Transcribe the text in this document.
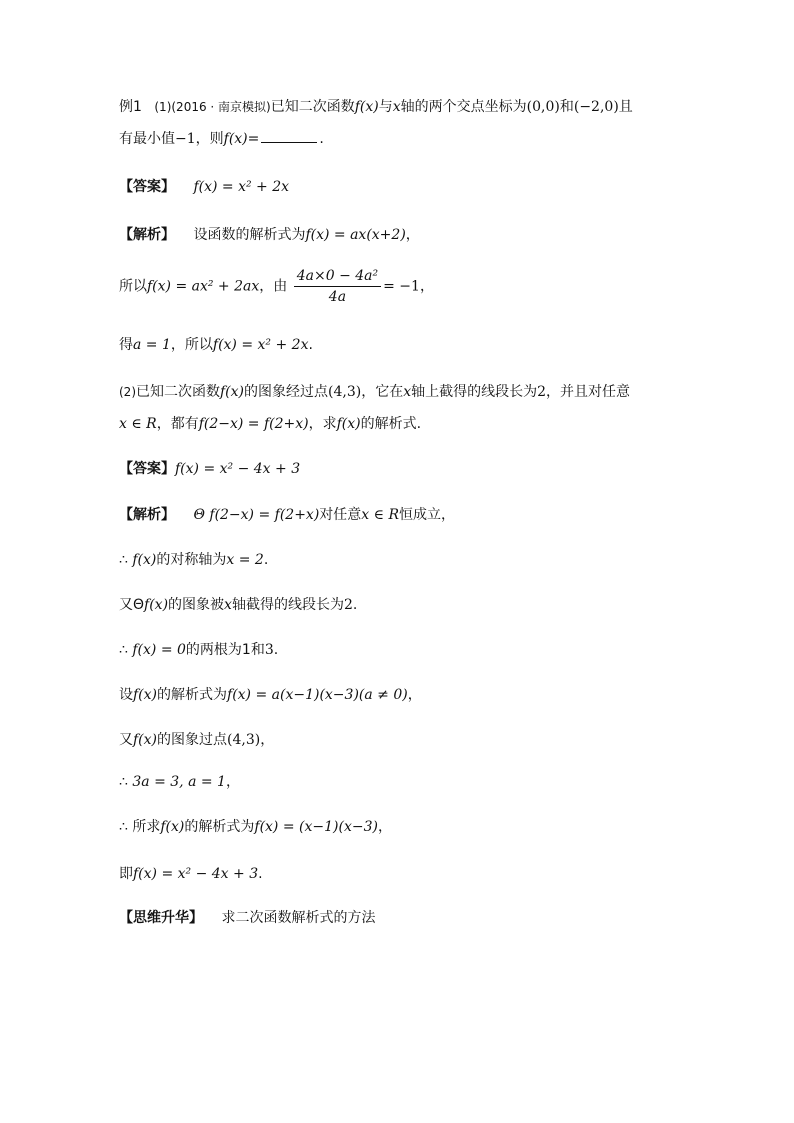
例1 (1)(2016 · 南京模拟)已知二次函数f(x)与x轴的两个交点坐标为(0,0)和(−2,0)且
有最小值−1，则f(x)=	.
【答案】 f(x) = x² + 2x
【解析】 设函数的解析式为f(x) = ax(x+2)，
所以f(x) = ax² + 2ax，由 $\frac{\text{4a×0 − 4a²}}{4a} = -1$，
得a = 1，所以f(x) = x² + 2x.
(2)已知二次函数f(x)的图象经过点(4,3)，它在x轴上截得的线段长为2，并且对任意
x ∈ R，都有f(2−x) = f(2+x)，求f(x)的解析式.
【答案】f(x) = x² − 4x + 3
【解析】 Θ f(2−x) = f(2+x)对任意x ∈ R恒成立，
∴ f(x)的对称轴为x = 2.
又Θf(x)的图象被x轴截得的线段长为2.
∴ f(x) = 0的两根为1和3.
设f(x)的解析式为f(x) = a(x−1)(x−3)(a ≠ 0)，
又f(x)的图象过点(4,3)，
∴ 3a = 3, a = 1，
∴ 所求f(x)的解析式为f(x) = (x−1)(x−3)，
即f(x) = x² − 4x + 3.
【思维升华】 求二次函数解析式的方法
